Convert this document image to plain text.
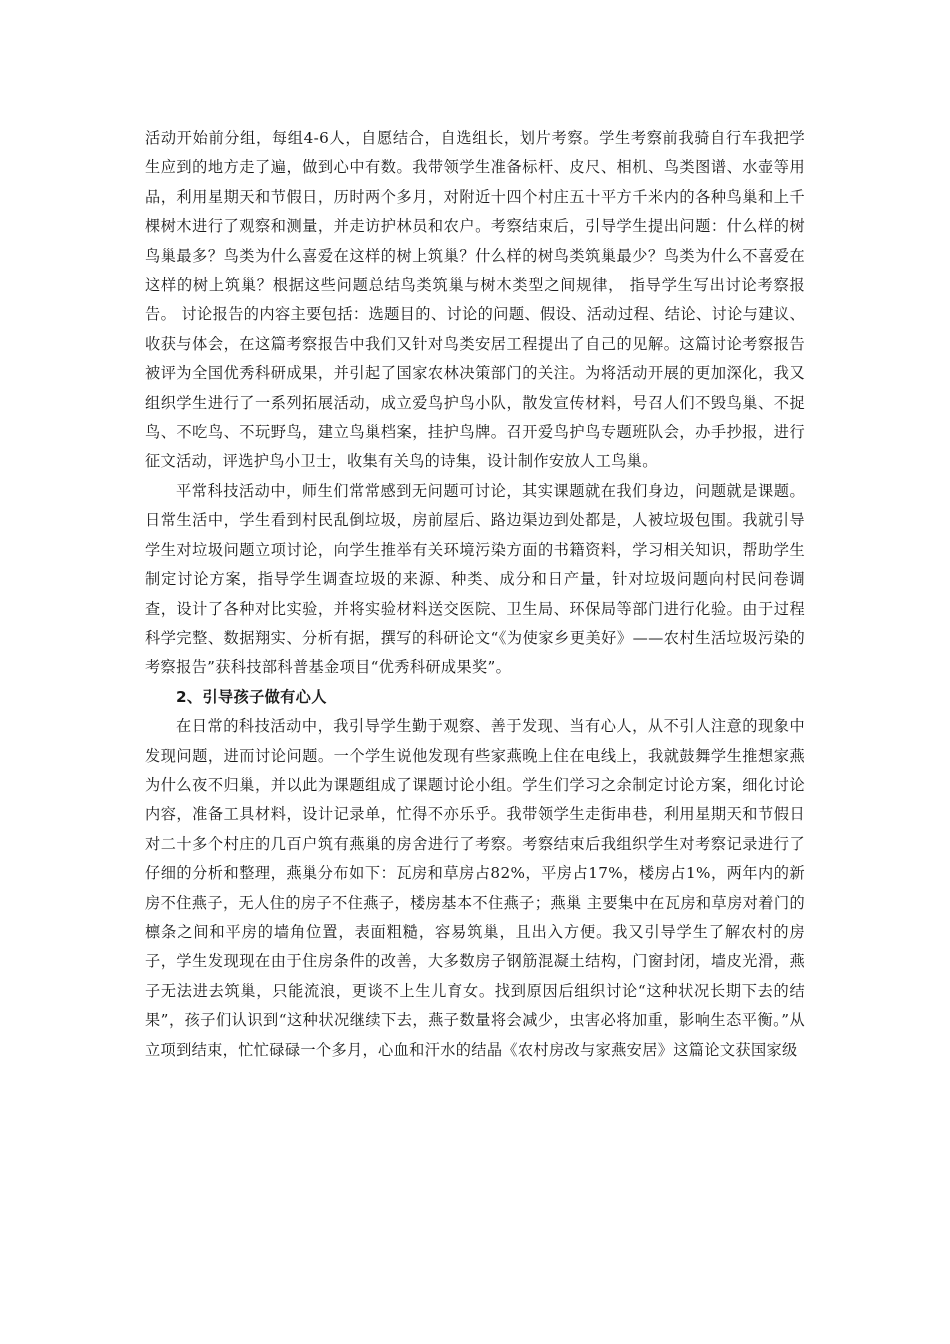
活动开始前分组，每组4-6人，自愿结合，自选组长，划片考察。学生考察前我骑自行车我把学生应到的地方走了遍，做到心中有数。我带领学生准备标杆、皮尺、相机、鸟类图谱、水壶等用品，利用星期天和节假日，历时两个多月，对附近十四个村庄五十平方千米内的各种鸟巢和上千棵树木进行了观察和测量，并走访护林员和农户。考察结束后，引导学生提出问题：什么样的树鸟巢最多？鸟类为什么喜爱在这样的树上筑巢？什么样的树鸟类筑巢最少？鸟类为什么不喜爱在这样的树上筑巢？根据这些问题总结鸟类筑巢与树木类型之间规律， 指导学生写出讨论考察报告。 讨论报告的内容主要包括：选题目的、讨论的问题、假设、活动过程、结论、讨论与建议、收获与体会，在这篇考察报告中我们又针对鸟类安居工程提出了自己的见解。这篇讨论考察报告被评为全国优秀科研成果，并引起了国家农林决策部门的关注。为将活动开展的更加深化，我又组织学生进行了一系列拓展活动，成立爱鸟护鸟小队，散发宣传材料，号召人们不毁鸟巢、不捉鸟、不吃鸟、不玩野鸟，建立鸟巢档案，挂护鸟牌。召开爱鸟护鸟专题班队会，办手抄报，进行征文活动，评选护鸟小卫士，收集有关鸟的诗集，设计制作安放人工鸟巢。

平常科技活动中，师生们常常感到无问题可讨论，其实课题就在我们身边，问题就是课题。日常生活中，学生看到村民乱倒垃圾，房前屋后、路边渠边到处都是，人被垃圾包围。我就引导学生对垃圾问题立项讨论，向学生推举有关环境污染方面的书籍资料，学习相关知识，帮助学生制定讨论方案，指导学生调查垃圾的来源、种类、成分和日产量，针对垃圾问题向村民问卷调查，设计了各种对比实验，并将实验材料送交医院、卫生局、环保局等部门进行化验。由于过程科学完整、数据翔实、分析有据，撰写的科研论文“《为使家乡更美好》——农村生活垃圾污染的考察报告”获科技部科普基金项目“优秀科研成果奖”。

2、引导孩子做有心人

在日常的科技活动中，我引导学生勤于观察、善于发现、当有心人，从不引人注意的现象中发现问题，进而讨论问题。一个学生说他发现有些家燕晚上住在电线上，我就鼓舞学生推想家燕为什么夜不归巢，并以此为课题组成了课题讨论小组。学生们学习之余制定讨论方案，细化讨论内容，准备工具材料，设计记录单，忙得不亦乐乎。我带领学生走街串巷，利用星期天和节假日对二十多个村庄的几百户筑有燕巢的房舍进行了考察。考察结束后我组织学生对考察记录进行了仔细的分析和整理，燕巢分布如下：瓦房和草房占82%，平房占17%，楼房占1%，两年内的新房不住燕子，无人住的房子不住燕子，楼房基本不住燕子；燕巢 主要集中在瓦房和草房对着门的檩条之间和平房的墙角位置，表面粗糙，容易筑巢，且出入方便。我又引导学生了解农村的房子，学生发现现在由于住房条件的改善，大多数房子钢筋混凝土结构，门窗封闭，墙皮光滑，燕子无法进去筑巢，只能流浪，更谈不上生儿育女。找到原因后组织讨论“这种状况长期下去的结果”，孩子们认识到“这种状况继续下去，燕子数量将会减少，虫害必将加重，影响生态平衡。”从立项到结束，忙忙碌碌一个多月，心血和汗水的结晶《农村房改与家燕安居》这篇论文获国家级
